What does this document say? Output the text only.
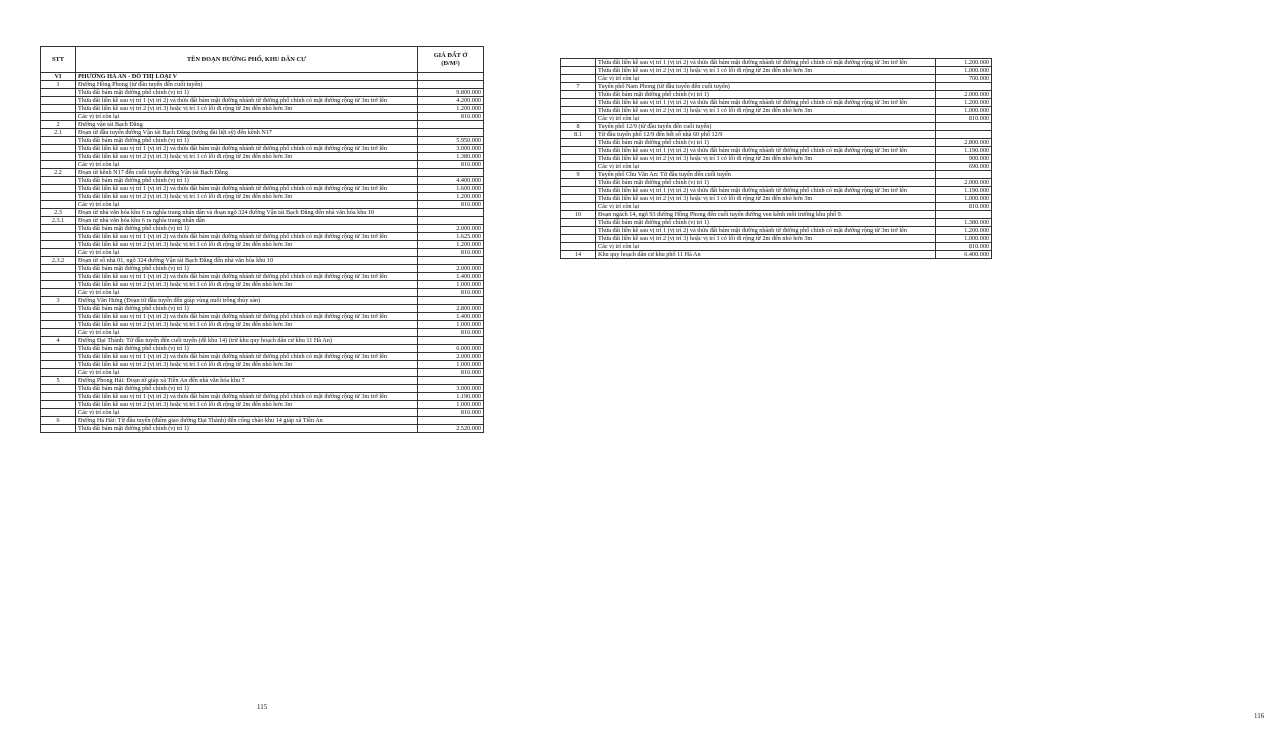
STT	TÊN ĐOẠN ĐƯỜNG PHỐ, KHU DÂN CƯ	GIÁ ĐẤT Ở
(Đ/M²)
VI	PHƯỜNG HÀ AN - ĐÔ THỊ LOẠI V	
1	Đường Hồng Phong (từ đầu tuyến đến cuối tuyến)	
	Thửa đất bám mặt đường phố chính (vị trí 1)	9.800.000
	Thửa đất liền kề sau vị trí 1 (vị trí 2) và thửa đất bám mặt đường nhánh từ đường phố chính có mặt đường rộng từ 3m trở lên	4.200.000
	Thửa đất liền kề sau vị trí 2 (vị trí 3) hoặc vị trí 1 có lối đi rộng từ 2m đến nhỏ hơn 3m	1.200.000
	Các vị trí còn lại	810.000
2	Đường vận tải Bạch Đằng	
2.1	Đoạn từ đầu tuyến đường Vận tải Bạch Đằng (tượng đài liệt sỹ) đến kênh N17	
	Thửa đất bám mặt đường phố chính (vị trí 1)	5.950.000
	Thửa đất liền kề sau vị trí 1 (vị trí 2) và thửa đất bám mặt đường nhánh từ đường phố chính có mặt đường rộng từ 3m trở lên	3.000.000
	Thửa đất liền kề sau vị trí 2 (vị trí 3) hoặc vị trí 1 có lối đi rộng từ 2m đến nhỏ hơn 3m	1.380.000
	Các vị trí còn lại	810.000
2.2	Đoạn từ kênh N17 đến cuối tuyến đường Vận tải Bạch Đằng	
	Thửa đất bám mặt đường phố chính (vị trí 1)	4.400.000
	Thửa đất liền kề sau vị trí 1 (vị trí 2) và thửa đất bám mặt đường nhánh từ đường phố chính có mặt đường rộng từ 3m trở lên	1.600.000
	Thửa đất liền kề sau vị trí 2 (vị trí 3) hoặc vị trí 1 có lối đi rộng từ 2m đến nhỏ hơn 3m	1.200.000
	Các vị trí còn lại	810.000
2.3	Đoạn từ nhà văn hóa khu 6 ra nghĩa trang nhân dân và đoạn ngõ 324 đường Vận tải Bạch Đằng đến nhà văn hóa khu 10	
2.3.1	Đoạn từ nhà văn hóa khu 6 ra nghĩa trang nhân dân	
	Thửa đất bám mặt đường phố chính (vị trí 1)	2.000.000
	Thửa đất liền kề sau vị trí 1 (vị trí 2) và thửa đất bám mặt đường nhánh từ đường phố chính có mặt đường rộng từ 3m trở lên	1.625.000
	Thửa đất liền kề sau vị trí 2 (vị trí 3) hoặc vị trí 1 có lối đi rộng từ 2m đến nhỏ hơn 3m	1.200.000
	Các vị trí còn lại	810.000
2.3.2	Đoạn từ số nhà 01, ngõ 324 đường Vận tải Bạch Đằng đến nhà văn hóa khu 10	
	Thửa đất bám mặt đường phố chính (vị trí 1)	2.000.000
	Thửa đất liền kề sau vị trí 1 (vị trí 2) và thửa đất bám mặt đường nhánh từ đường phố chính có mặt đường rộng từ 3m trở lên	1.400.000
	Thửa đất liền kề sau vị trí 2 (vị trí 3) hoặc vị trí 1 có lối đi rộng từ 2m đến nhỏ hơn 3m	1.000.000
	Các vị trí còn lại	810.000
3	Đường Văn Hưng (Đoạn từ đầu tuyến đến giáp vùng nuôi trồng thủy sản)	
	Thửa đất bám mặt đường phố chính (vị trí 1)	2.800.000
	Thửa đất liền kề sau vị trí 1 (vị trí 2) và thửa đất bám mặt đường nhánh từ đường phố chính có mặt đường rộng từ 3m trở lên	1.400.000
	Thửa đất liền kề sau vị trí 2 (vị trí 3) hoặc vị trí 1 có lối đi rộng từ 2m đến nhỏ hơn 3m	1.000.000
	Các vị trí còn lại	810.000
4	Đường Đại Thành: Từ đầu tuyến đến cuối tuyến (đê khu 14) (trừ khu quy hoạch dân cư khu 11 Hà An)	
	Thửa đất bám mặt đường phố chính (vị trí 1)	6.000.000
	Thửa đất liền kề sau vị trí 1 (vị trí 2) và thửa đất bám mặt đường nhánh từ đường phố chính có mặt đường rộng từ 3m trở lên	2.000.000
	Thửa đất liền kề sau vị trí 2 (vị trí 3) hoặc vị trí 1 có lối đi rộng từ 2m đến nhỏ hơn 3m	1.000.000
	Các vị trí còn lại	810.000
5	Đường Phong Hải: Đoạn từ giáp xã Tiền An đến nhà văn hóa khu 7	
	Thửa đất bám mặt đường phố chính (vị trí 1)	3.000.000
	Thửa đất liền kề sau vị trí 1 (vị trí 2) và thửa đất bám mặt đường nhánh từ đường phố chính có mặt đường rộng từ 3m trở lên	1.190.000
	Thửa đất liền kề sau vị trí 2 (vị trí 3) hoặc vị trí 1 có lối đi rộng từ 2m đến nhỏ hơn 3m	1.000.000
	Các vị trí còn lại	810.000
6	Đường Hà Hải: Từ đầu tuyến (điểm giao đường Đại Thành) đến cổng chào khu 14 giáp xã Tiền An	
	Thửa đất bám mặt đường phố chính (vị trí 1)	2.520.000
115
	Thửa đất liền kề sau vị trí 1 (vị trí 2) và thửa đất bám mặt đường nhánh từ đường phố chính có mặt đường rộng từ 3m trở lên	1.200.000
	Thửa đất liền kề sau vị trí 2 (vị trí 3) hoặc vị trí 1 có lối đi rộng từ 2m đến nhỏ hơn 3m	1.000.000
	Các vị trí còn lại	700.000
7	Tuyến phố Nam Phong (từ đầu tuyến đến cuối tuyến)	
	Thửa đất bám mặt đường phố chính (vị trí 1)	2.000.000
	Thửa đất liền kề sau vị trí 1 (vị trí 2) và thửa đất bám mặt đường nhánh từ đường phố chính có mặt đường rộng từ 3m trở lên	1.200.000
	Thửa đất liền kề sau vị trí 2 (vị trí 3) hoặc vị trí 1 có lối đi rộng từ 2m đến nhỏ hơn 3m	1.000.000
	Các vị trí còn lại	810.000
8	Tuyến phố 12/9 (từ đầu tuyến đến cuối tuyến)	
8.1	Từ đầu tuyến phố 12/9 đến hết số nhà 60 phố 12/9	
	Thửa đất bám mặt đường phố chính (vị trí 1)	2.800.000
	Thửa đất liền kề sau vị trí 1 (vị trí 2) và thửa đất bám mặt đường nhánh từ đường phố chính có mặt đường rộng từ 3m trở lên	1.190.000
	Thửa đất liền kề sau vị trí 2 (vị trí 3) hoặc vị trí 1 có lối đi rộng từ 2m đến nhỏ hơn 3m	900.000
	Các vị trí còn lại	690.000
9	Tuyến phố Chu Văn An: Từ đầu tuyến đến cuối tuyến	
	Thửa đất bám mặt đường phố chính (vị trí 1)	2.000.000
	Thửa đất liền kề sau vị trí 1 (vị trí 2) và thửa đất bám mặt đường nhánh từ đường phố chính có mặt đường rộng từ 3m trở lên	1.190.000
	Thửa đất liền kề sau vị trí 2 (vị trí 3) hoặc vị trí 1 có lối đi rộng từ 2m đến nhỏ hơn 3m	1.000.000
	Các vị trí còn lại	810.000
10	Đoạn ngách 14, ngõ 93 đường Hồng Phong đến cuối tuyến đường ven kênh môi trường khu phố 9.	
	Thửa đất bám mặt đường phố chính (vị trí 1)	1.380.000
	Thửa đất liền kề sau vị trí 1 (vị trí 2) và thửa đất bám mặt đường nhánh từ đường phố chính có mặt đường rộng từ 3m trở lên	1.200.000
	Thửa đất liền kề sau vị trí 2 (vị trí 3) hoặc vị trí 1 có lối đi rộng từ 2m đến nhỏ hơn 3m	1.000.000
	Các vị trí còn lại	810.000
14	Khu quy hoạch dân cư khu phố 11 Hà An	6.400.000
116
